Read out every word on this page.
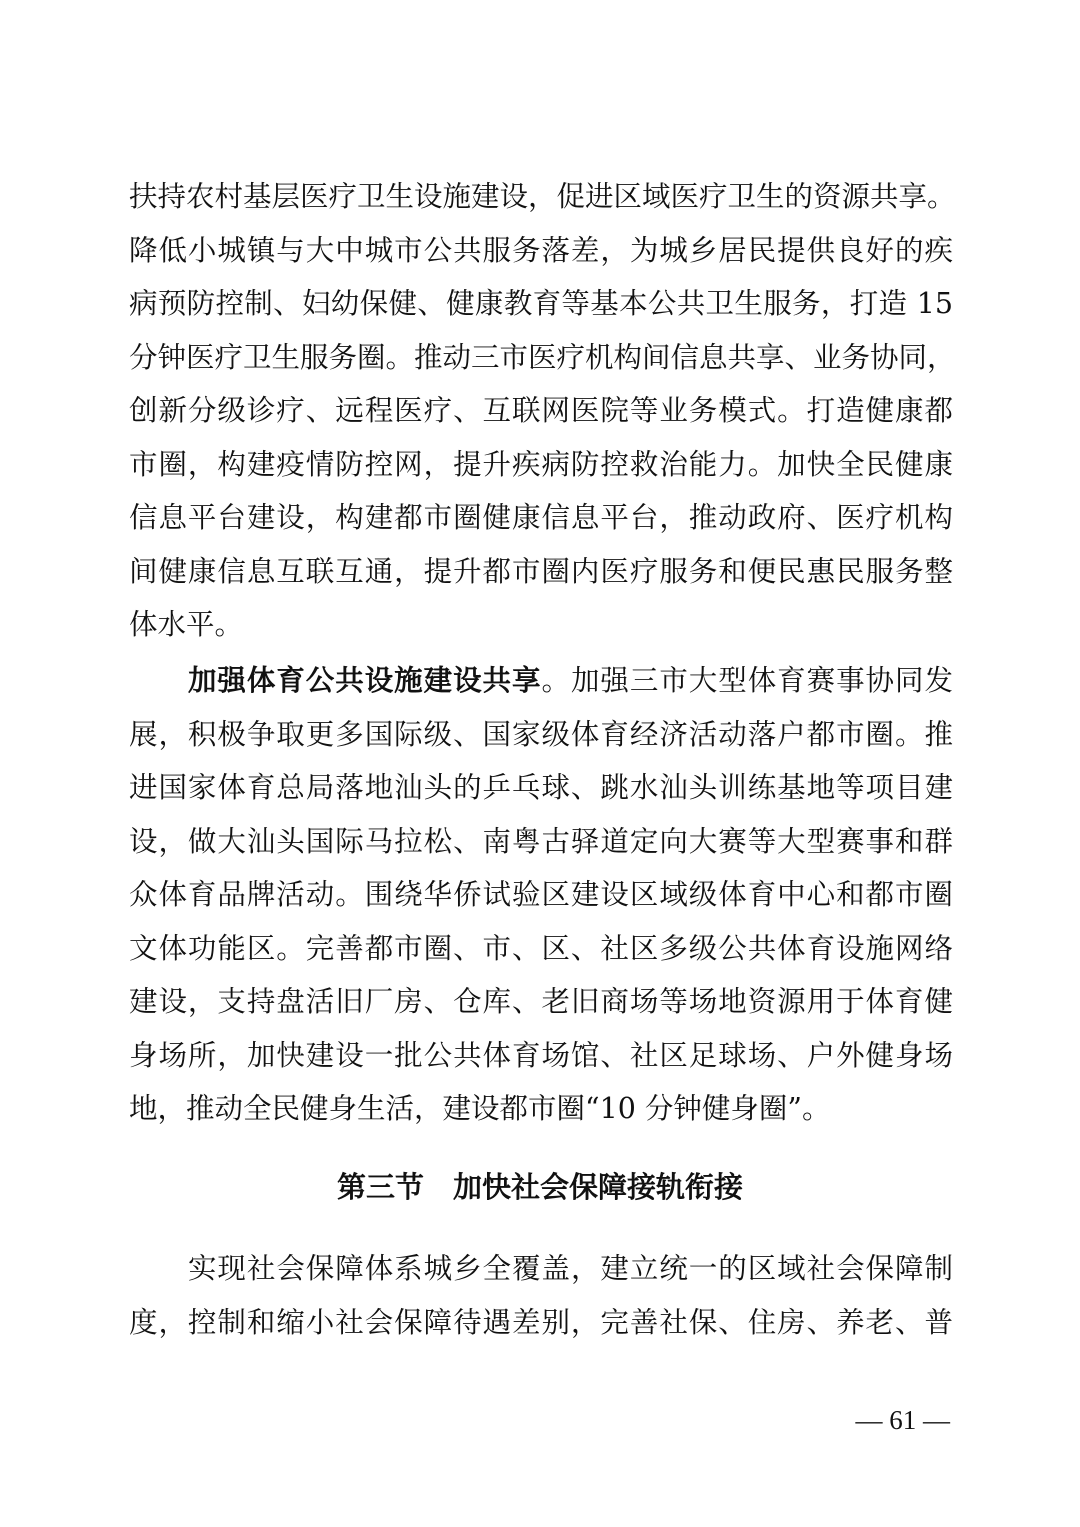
扶持农村基层医疗卫生设施建设，促进区域医疗卫生的资源共享。
降低小城镇与大中城市公共服务落差，为城乡居民提供良好的疾
病预防控制、妇幼保健、健康教育等基本公共卫生服务，打造 15
分钟医疗卫生服务圈。推动三市医疗机构间信息共享、业务协同，
创新分级诊疗、远程医疗、互联网医院等业务模式。打造健康都
市圈，构建疫情防控网，提升疾病防控救治能力。加快全民健康
信息平台建设，构建都市圈健康信息平台，推动政府、医疗机构
间健康信息互联互通，提升都市圈内医疗服务和便民惠民服务整
体水平。
　　加强体育公共设施建设共享。加强三市大型体育赛事协同发
展，积极争取更多国际级、国家级体育经济活动落户都市圈。推
进国家体育总局落地汕头的乒乓球、跳水汕头训练基地等项目建
设，做大汕头国际马拉松、南粤古驿道定向大赛等大型赛事和群
众体育品牌活动。围绕华侨试验区建设区域级体育中心和都市圈
文体功能区。完善都市圈、市、区、社区多级公共体育设施网络
建设，支持盘活旧厂房、仓库、老旧商场等场地资源用于体育健
身场所，加快建设一批公共体育场馆、社区足球场、户外健身场
地，推动全民健身生活，建设都市圈“10 分钟健身圈”。
第三节　加快社会保障接轨衔接
　　实现社会保障体系城乡全覆盖，建立统一的区域社会保障制
度，控制和缩小社会保障待遇差别，完善社保、住房、养老、普
— 61 —
